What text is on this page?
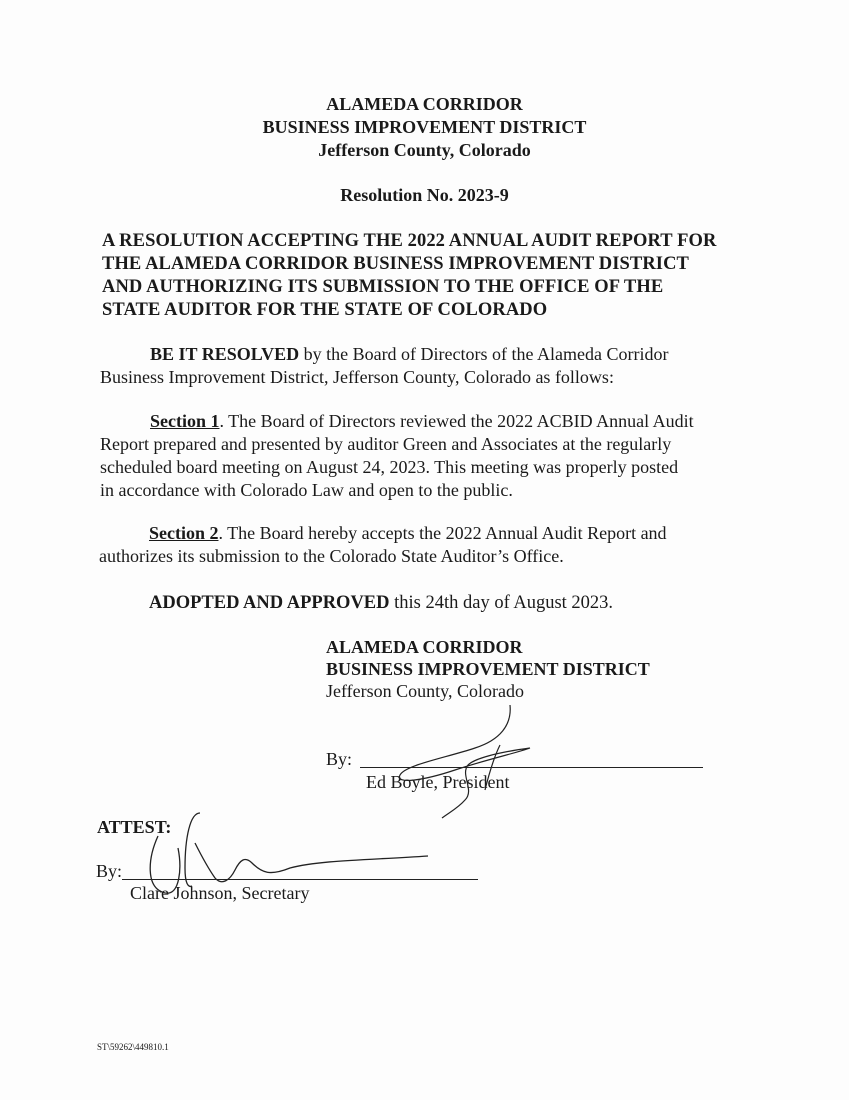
ALAMEDA CORRIDOR
BUSINESS IMPROVEMENT DISTRICT
Jefferson County, Colorado
Resolution No. 2023-9
A RESOLUTION ACCEPTING THE 2022 ANNUAL AUDIT REPORT FOR
THE ALAMEDA CORRIDOR BUSINESS IMPROVEMENT DISTRICT
AND AUTHORIZING ITS SUBMISSION TO THE OFFICE OF THE
STATE AUDITOR FOR THE STATE OF COLORADO
BE IT RESOLVED by the Board of Directors of the Alameda Corridor
Business Improvement District, Jefferson County, Colorado as follows:
Section 1. The Board of Directors reviewed the 2022 ACBID Annual Audit
Report prepared and presented by auditor Green and Associates at the regularly
scheduled board meeting on August 24, 2023. This meeting was properly posted
in accordance with Colorado Law and open to the public.
Section 2. The Board hereby accepts the 2022 Annual Audit Report and
authorizes its submission to the Colorado State Auditor’s Office.
ADOPTED AND APPROVED this 24th day of August 2023.
ALAMEDA CORRIDOR
BUSINESS IMPROVEMENT DISTRICT
Jefferson County, Colorado
By:
Ed Boyle, President
ATTEST:
By:
Clare Johnson, Secretary
ST\59262\449810.1
